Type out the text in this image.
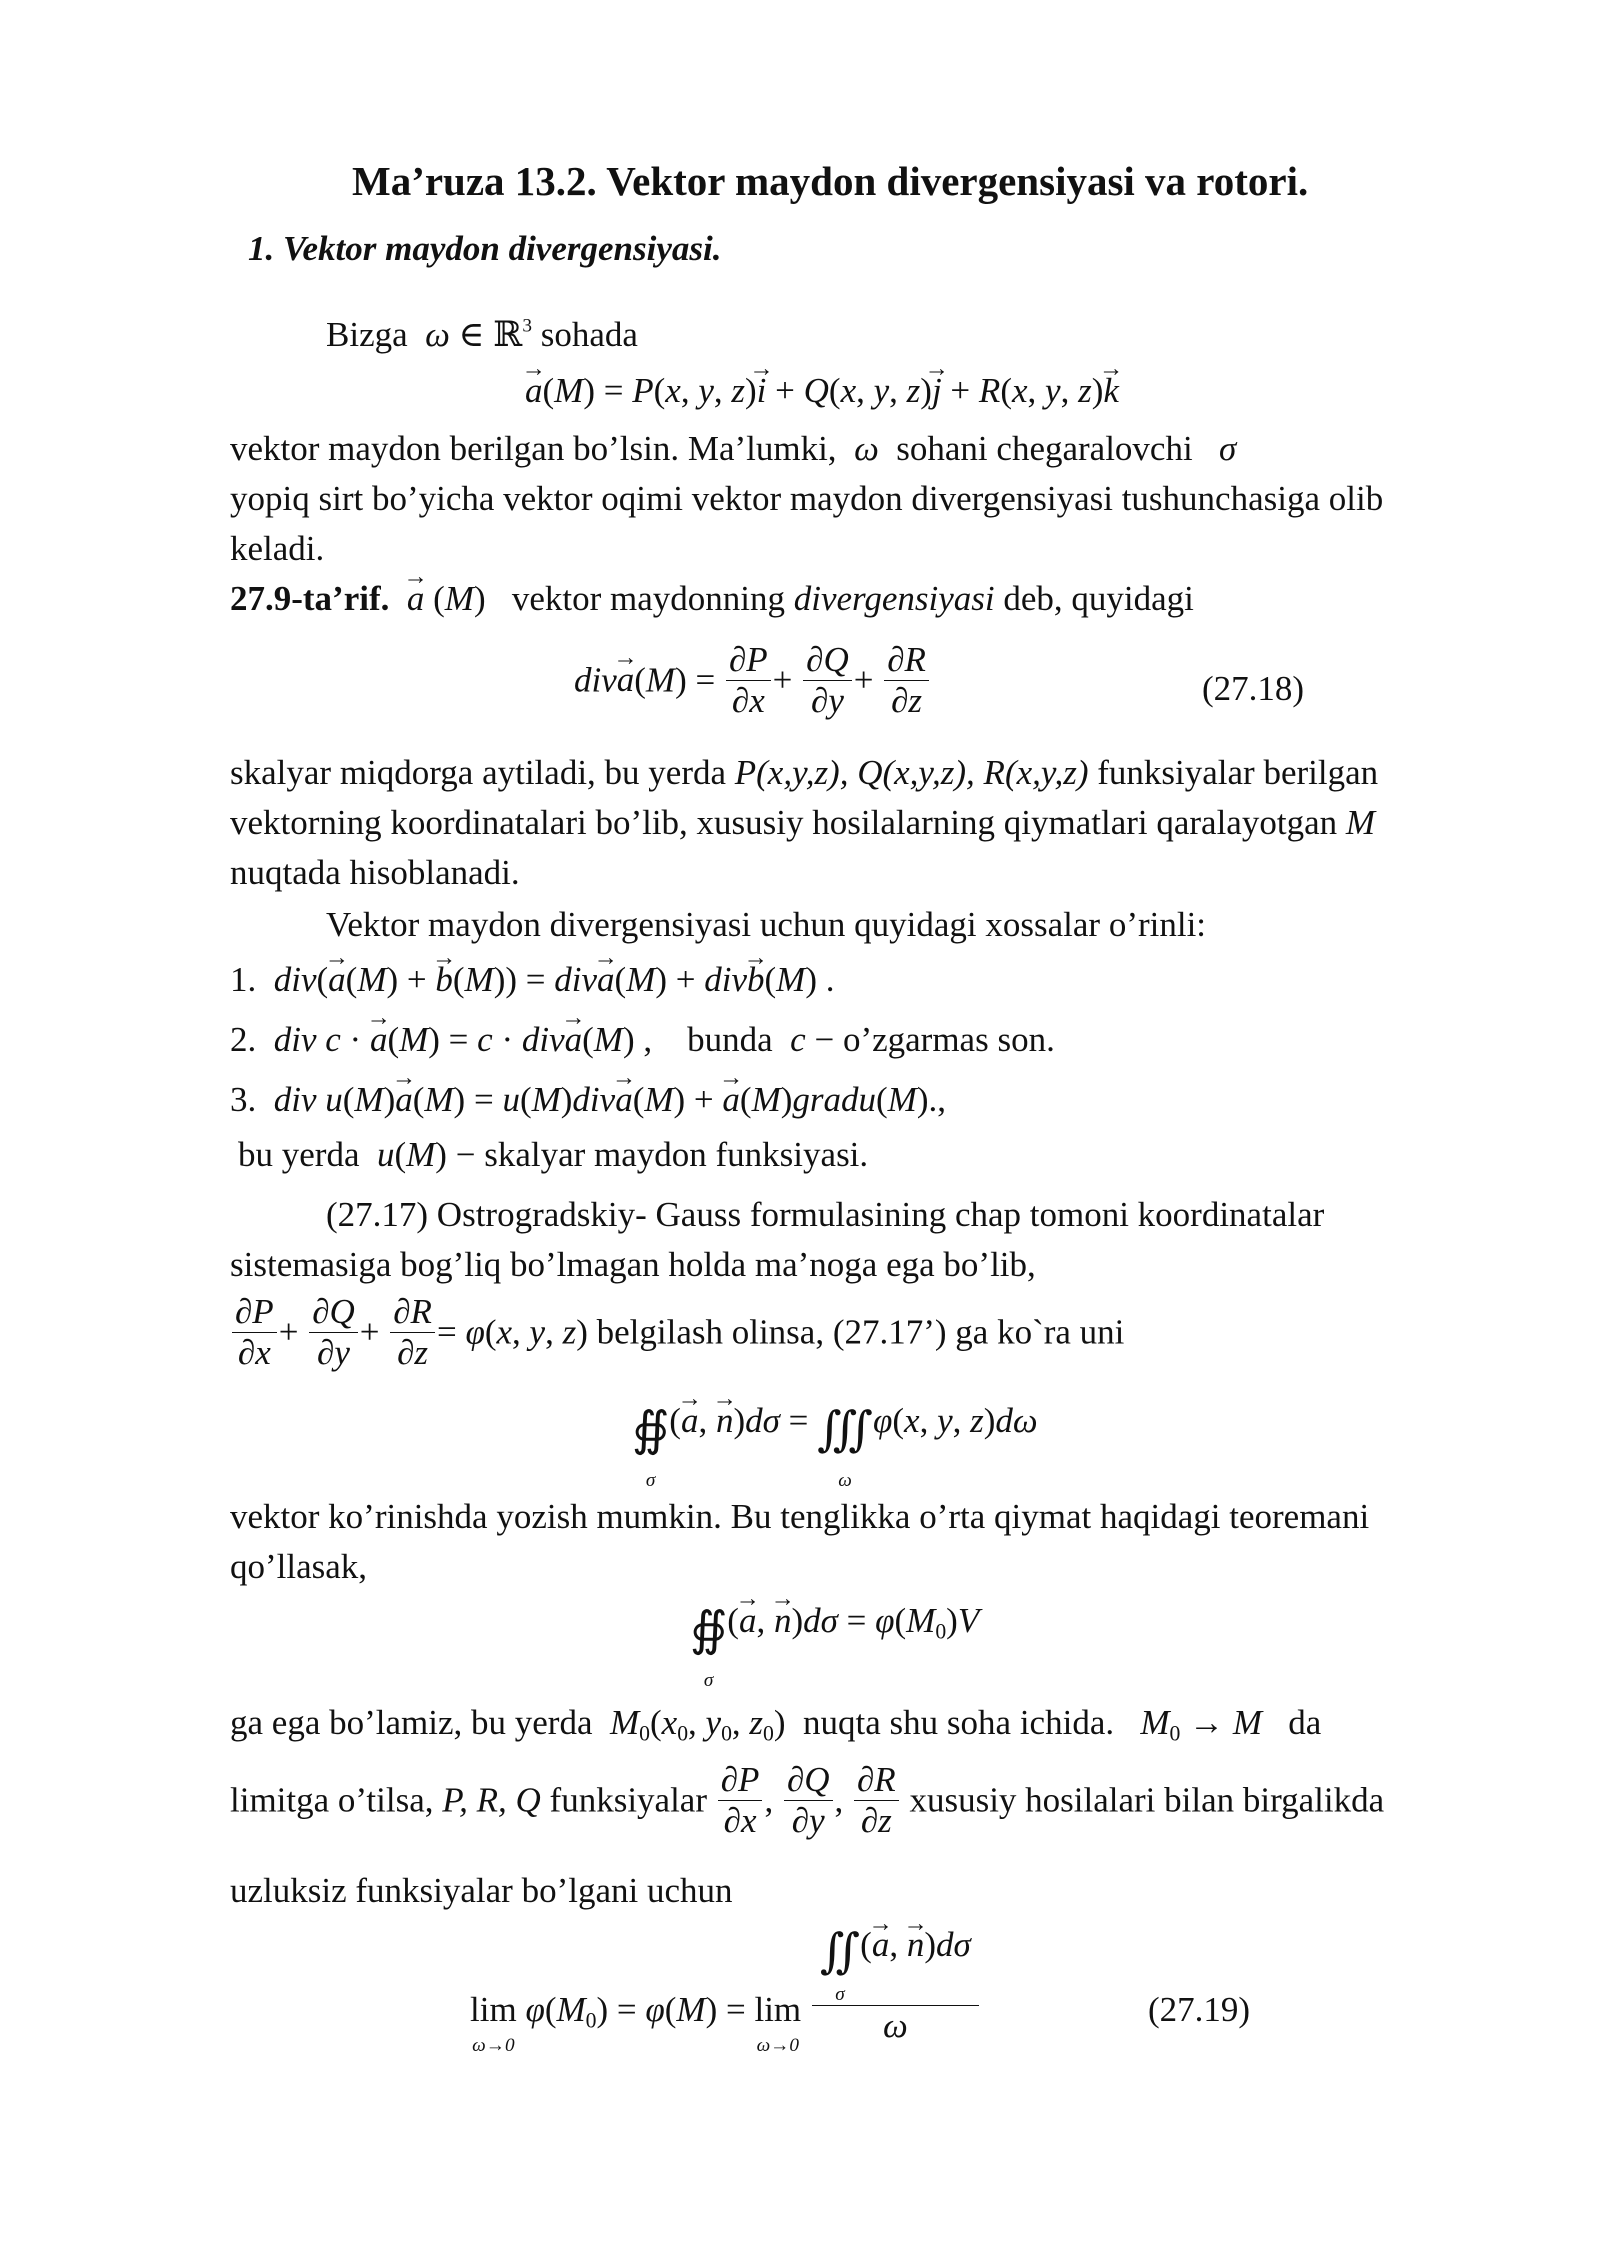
Ma’ruza 13.2. Vektor maydon divergensiyasi va rotori.
1. Vektor maydon divergensiyasi.
Bizga  ω ∈ ℝ$^3$ sohada
a →(M) = P(x, y, z)i → + Q(x, y, z)j → + R(x, y, z)k →
vektor maydon berilgan bo’lsin. Ma’lumki,  ω  sohani chegaralovchi   σ
yopiq sirt bo’yicha vektor oqimi vektor maydon divergensiyasi tushunchasiga olib
keladi.
27.9-ta’rif. a → (M) vektor maydonning divergensiyasi deb, quyidagi
diva $\to(M) = \frac{\partial P}{\partial x} + \frac{\partial Q}{\partial y} + \frac{\partial R}{\partial z}$	(27.18)
skalyar miqdorga aytiladi, bu yerda P(x,y,z), Q(x,y,z), R(x,y,z) funksiyalar berilgan
vektorning koordinatalari bo’lib, xususiy hosilalarning qiymatlari qaralayotgan M
nuqtada hisoblanadi.
Vektor maydon divergensiyasi uchun quyidagi xossalar o’rinli:
1.  div(a →(M) + b →(M)) = diva →(M) + divb →(M) .
2.  div c · a →(M) = c · diva →(M) ,    bunda  c − o’zgarmas son.
3.  div u(M)a →(M) = u(M)diva →(M) + a →(M)gradu(M).,
bu yerda  u(M) − skalyar maydon funksiyasi.
(27.17) Ostrogradskiy- Gauss formulasining chap tomoni koordinatalar
sistemasiga bog’liq bo’lmagan holda ma’noga ega bo’lib,
$\frac{\partial P}{\partial x} + \frac{\partial Q}{\partial y} + \frac{\partial R}{\partial z} = \varphi(x$, y, z) belgilash olinsa, (27.17’) ga ko`ra uni
∯
σ
(a →, n →)dσ = ∭
ω
φ(x, y, z)dω
vektor ko’rinishda yozish mumkin. Bu tenglikka o’rta qiymat haqidagi teoremani
qo’llasak,
∯
σ
(a →, $n \to)d\sigma = \varphi(M_0)V$
ga ega bo’lamiz, bu yerda  $M_0(x_0$, $y_0$, $z_0$) nuqta shu soha ichida.   $M_0 \to M$   da
limitga o’tilsa, P, R, Q funksiyalar $\frac{\partial P}{\partial x}$ , $\frac{\partial Q}{\partial y}$ , $\frac{\partial R}{\partial z}$ xususiy hosilalari bilan birgalikda
uzluksiz funksiyalar bo’lgani uchun
lim
ω→0
$\varphi(M_0) = \varphi(M) = \lim$
ω→0
∬
σ
(a →, n →)dσ
ω	(27.19)
